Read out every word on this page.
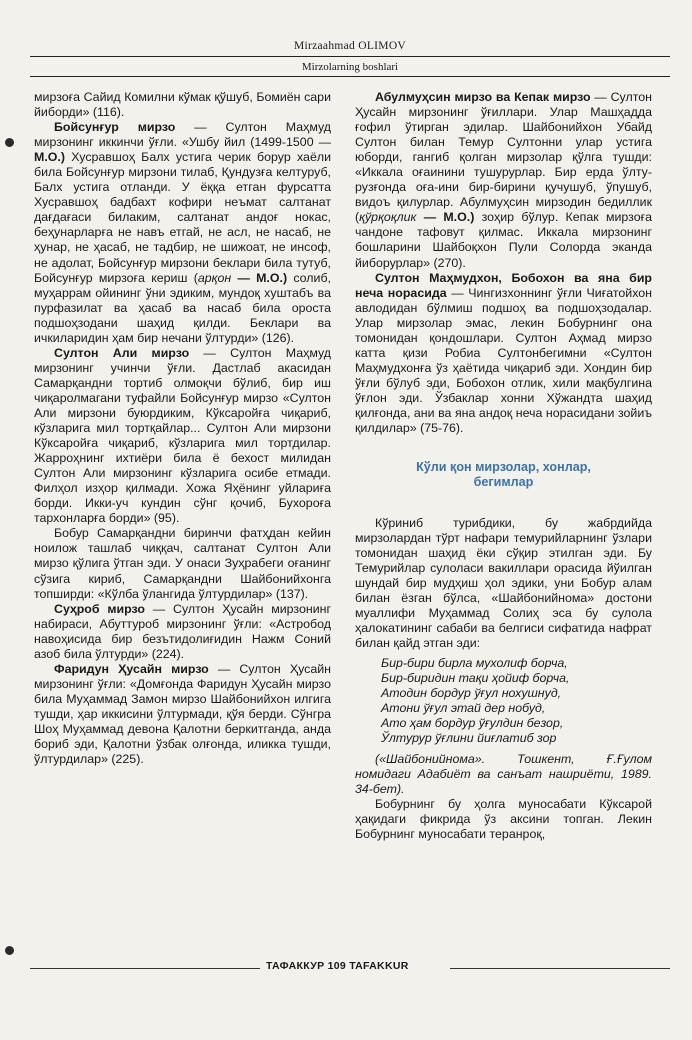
Mirzaahmad OLIMOV
Mirzolarning boshlari

мирзоға Сайид Комилни кўмак қўшуб, Бомиён сари йиборди» (116).

Бойсунғур мирзо — Султон Маҳмуд мирзонинг иккинчи ўғли. «Ушбу йил (1499-1500 — М.О.) Хусравшоҳ Балх устига черик борур хаёли била Бойсунғур мирзони тилаб, Қундузға келтуруб, Балх устига отланди. У ёққа етган фурсатта Хусравшоҳ бадбахт кофири неъмат салтанат дағдағаси билаким, салтанат андоғ нокас, беҳунарларға не навъ етгай, не асл, не насаб, не ҳунар, не ҳасаб, не тадбир, не шижоат, не инсоф, не адолат, Бойсунғур мирзони беклари била тутуб, Бойсунғур мирзоға кериш (арқон — М.О.) солиб, муҳаррам ойининг ўни эдиким, мундоқ хуштабъ ва пурфазилат ва ҳасаб ва насаб била ороста подшоҳзодани шаҳид қилди. Беклари ва ичкиларидин ҳам бир нечани ўлтурди» (126).

Султон Али мирзо — Султон Маҳмуд мирзонинг учинчи ўғли. Дастлаб акасидан Самарқандни тортиб олмоқчи бўлиб, бир иш чиқаролмагани туфайли Бойсунғур мирзо «Султон Али мирзони буюрдиким, Кўксаройға чиқариб, кўзларига мил тортқайлар... Султон Али мирзони Кўксаройға чиқариб, кўзларига мил тортдилар. Жарроҳнинг ихтиёри била ё бехост милидан Султон Али мирзонинг кўзларига осибе етмади. Филҳол изҳор қилмади. Хожа Яҳёнинг уйлариға борди. Икки-уч кундин сўнг қочиб, Бухороға тархонларға борди» (95).

Бобур Самарқандни биринчи фатҳдан кейин ноилож ташлаб чиққач, салтанат Султон Али мирзо қўлига ўтган эди. У онаси Зуҳрабеги оғанинг сўзига кириб, Самарқандни Шайбонийхонга топширди: «Кўлба ўлангида ўлтурдилар» (137).

Суҳроб мирзо — Султон Ҳусайн мирзонинг набираси, Абуттуроб мирзонинг ўғли: «Астробод навоҳисида бир безътидолиғидин Нажм Соний азоб била ўлтурди» (224).

Фаридун Ҳусайн мирзо — Султон Ҳусайн мирзонинг ўғли: «Домғонда Фаридун Ҳусайн мирзо била Муҳаммад Замон мирзо Шайбонийхон илгига тушди, ҳар иккисини ўлтурмади, қўя берди. Сўнгра Шоҳ Муҳаммад девона Қалотни беркитганда, анда бориб эди, Қалотни ўзбак олғонда, иликка тушди, ўлтурдилар» (225).

Абулмуҳсин мирзо ва Кепак мирзо — Султон Ҳусайн мирзонинг ўғиллари. Улар Машҳадда ғофил ўтирган эдилар. Шайбонийхон Убайд Султон билан Темур Султонни улар устига юборди, гангиб қолган мирзолар қўлга тушди: «Иккала оғаинини тушурурлар. Бир ерда ўлту-рузғонда оға-ини бир-бирини қучушуб, ўпушуб, видоъ қилурлар. Абулмуҳсин мирзодин бедиллик (қўрқоқлик — М.О.) зоҳир бўлур. Кепак мирзоға чандоне тафовут қилмас. Иккала мирзонинг бошларини Шайбоқхон Пули Солорда эканда йиборурлар» (270).

Султон Маҳмудхон, Бобохон ва яна бир неча норасида — Чингизхоннинг ўғли Чиғатойхон авлодидан бўлмиш подшоҳ ва подшоҳзодалар. Улар мирзолар эмас, лекин Бобурнинг она томонидан қондошлари. Султон Аҳмад мирзо катта қизи Робиа Султонбегимни «Султон Маҳмудхонға ўз ҳаётида чиқариб эди. Хондин бир ўғли бўлуб эди, Бобохон отлик, хили мақбулгина ўғлон эди. Ўзбаклар хонни Хўжандта шаҳид қилғонда, ани ва яна андоқ неча норасидани зойиъ қилдилар» (75-76).

Кўли қон мирзолар, хонлар,
бегимлар

Кўриниб турибдики, бу жабрдийда мирзолардан тўрт нафари темурийларнинг ўзлари томонидан шаҳид ёки сўқир этилган эди. Бу Темурийлар сулоласи вакиллари орасида йўилган шундай бир мудҳиш ҳол эдики, уни Бобур алам билан ёзган бўлса, «Шайбонийнома» достони муаллифи Муҳаммад Солиҳ эса бу сулола ҳалокатининг сабаби ва белгиси сифатида нафрат билан қайд этган эди:

Бир-бири бирла мухолиф борча,
Бир-биридин тақи ҳойиф борча,
Атодин бордур ўғул нохушнуд,
Атони ўғул этай дер нобуд,
Ато ҳам бордур ўғулдин безор,
Ўлтурур ўғлини йиғлатиб зор

(«Шайбонийнома». Тошкент, Ғ.Ғулом номидаги Адабиёт ва санъат нашриёти, 1989. 34-бет).

Бобурнинг бу ҳолга муносабати Кўксарой ҳақидаги фикрида ўз аксини топган. Лекин Бобурнинг муносабати теранроқ,

ТАФАККУР 109 TAFAKKUR
